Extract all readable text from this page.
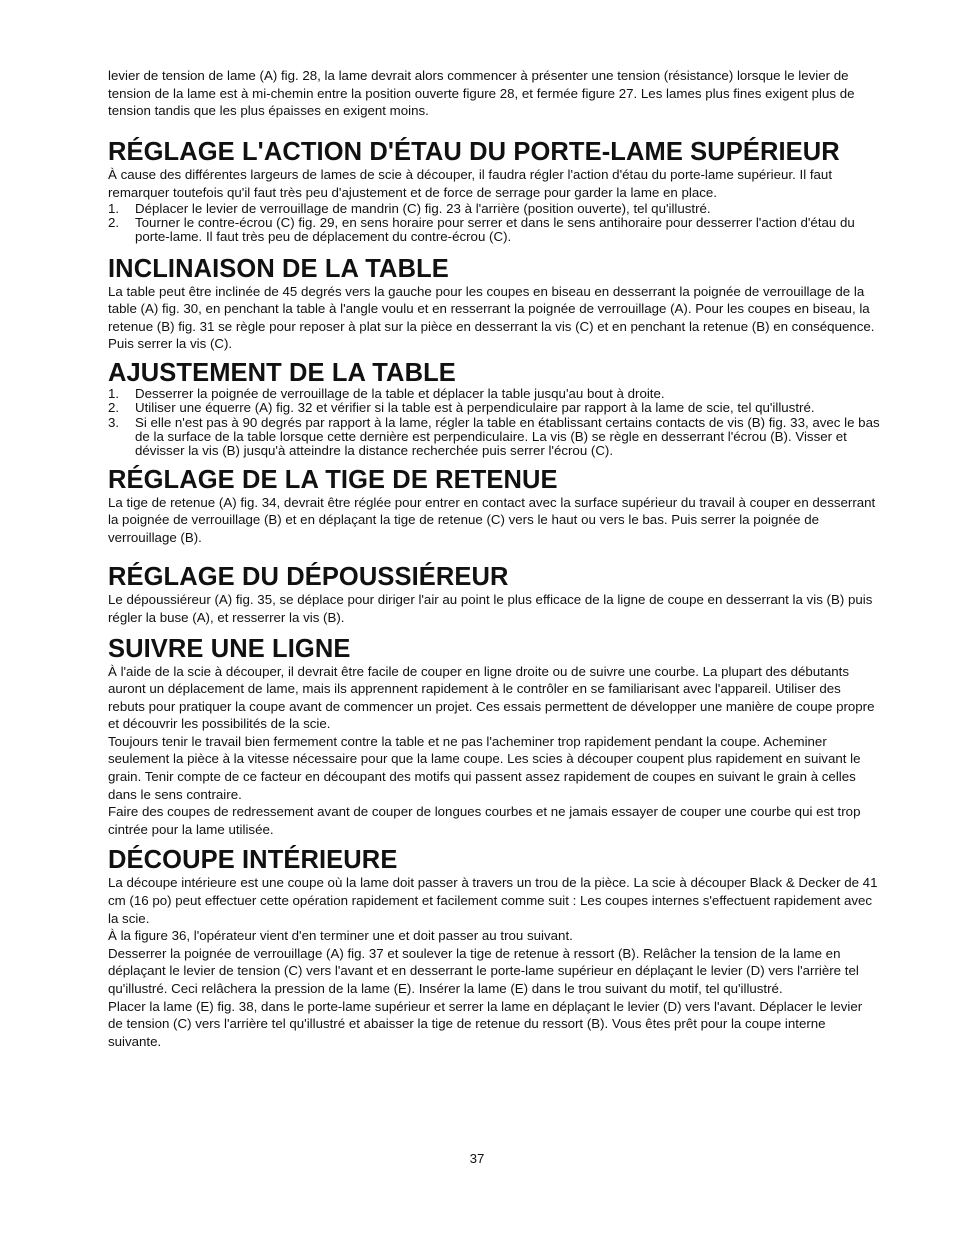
levier de tension de lame (A) fig. 28, la lame devrait alors commencer à présenter une tension (résistance) lorsque le levier de tension de la lame est à mi-chemin entre la position ouverte figure 28, et fermée figure 27. Les lames plus fines exigent plus de tension tandis que les plus épaisses en exigent moins.

RÉGLAGE L'ACTION D'ÉTAU DU PORTE-LAME SUPÉRIEUR

À cause des différentes largeurs de lames de scie à découper, il faudra régler l'action d'étau du porte-lame supérieur. Il faut remarquer toutefois qu'il faut très peu d'ajustement et de force de serrage pour garder la lame en place.

1. Déplacer le levier de verrouillage de mandrin (C) fig. 23 à l'arrière (position ouverte), tel qu'illustré.
2. Tourner le contre-écrou (C) fig. 29, en sens horaire pour serrer et dans le sens antihoraire pour desserrer l'action d'étau du porte-lame. Il faut très peu de déplacement du contre-écrou (C).
INCLINAISON DE LA TABLE

La table peut être inclinée de 45 degrés vers la gauche pour les coupes en biseau en desserrant la poignée de verrouillage de la table (A) fig. 30, en penchant la table à l'angle voulu et en resserrant la poignée de verrouillage (A). Pour les coupes en biseau, la retenue (B) fig. 31 se règle pour reposer à plat sur la pièce en desserrant la vis (C) et en penchant la retenue (B) en conséquence. Puis serrer la vis (C).

AJUSTEMENT DE LA TABLE
1. Desserrer la poignée de verrouillage de la table et déplacer la table jusqu'au bout à droite.
2. Utiliser une équerre (A) fig. 32 et vérifier si la table est à perpendiculaire par rapport à la lame de scie, tel qu'illustré.
3. Si elle n'est pas à 90 degrés par rapport à la lame, régler la table en établissant certains contacts de vis (B) fig. 33, avec le bas de la surface de la table lorsque cette dernière est perpendiculaire. La vis (B) se règle en desserrant l'écrou (B). Visser et dévisser la vis (B) jusqu'à atteindre la distance recherchée puis serrer l'écrou (C).
RÉGLAGE DE LA TIGE DE RETENUE

La tige de retenue (A) fig. 34, devrait être réglée pour entrer en contact avec la surface supérieur du travail à couper en desserrant la poignée de verrouillage (B) et en déplaçant la tige de retenue (C) vers le haut ou vers le bas. Puis serrer la poignée de verrouillage (B).

RÉGLAGE DU DÉPOUSSIÉREUR

Le dépoussiéreur (A) fig. 35, se déplace pour diriger l'air au point le plus efficace de la ligne de coupe en desserrant la vis (B) puis régler la buse (A), et resserrer la vis (B).

SUIVRE UNE LIGNE

À l'aide de la scie à découper, il devrait être facile de couper en ligne droite ou de suivre une courbe. La plupart des débutants auront un déplacement de lame, mais ils apprennent rapidement à le contrôler en se familiarisant avec l'appareil. Utiliser des rebuts pour pratiquer la coupe avant de commencer un projet. Ces essais permettent de développer une manière de coupe propre et découvrir les possibilités de la scie.

Toujours tenir le travail bien fermement contre la table et ne pas l'acheminer trop rapidement pendant la coupe. Acheminer seulement la pièce à la vitesse nécessaire pour que la lame coupe. Les scies à découper coupent plus rapidement en suivant le grain. Tenir compte de ce facteur en découpant des motifs qui passent assez rapidement de coupes en suivant le grain à celles dans le sens contraire.

Faire des coupes de redressement avant de couper de longues courbes et ne jamais essayer de couper une courbe qui est trop cintrée pour la lame utilisée.

DÉCOUPE INTÉRIEURE

La découpe intérieure est une coupe où la lame doit passer à travers un trou de la pièce. La scie à découper Black & Decker de 41 cm (16 po) peut effectuer cette opération rapidement et facilement comme suit : Les coupes internes s'effectuent rapidement avec la scie.

À la figure 36, l'opérateur vient d'en terminer une et doit passer au trou suivant.

Desserrer la poignée de verrouillage (A) fig. 37 et soulever la tige de retenue à ressort (B). Relâcher la tension de la lame en déplaçant le levier de tension (C) vers l'avant et en desserrant le porte-lame supérieur en déplaçant le levier (D) vers l'arrière tel qu'illustré. Ceci relâchera la pression de la lame (E). Insérer la lame (E) dans le trou suivant du motif, tel qu'illustré.

Placer la lame (E) fig. 38, dans le porte-lame supérieur et serrer la lame en déplaçant le levier (D) vers l'avant. Déplacer le levier de tension (C) vers l'arrière tel qu'illustré et abaisser la tige de retenue du ressort (B). Vous êtes prêt pour la coupe interne suivante.

37
